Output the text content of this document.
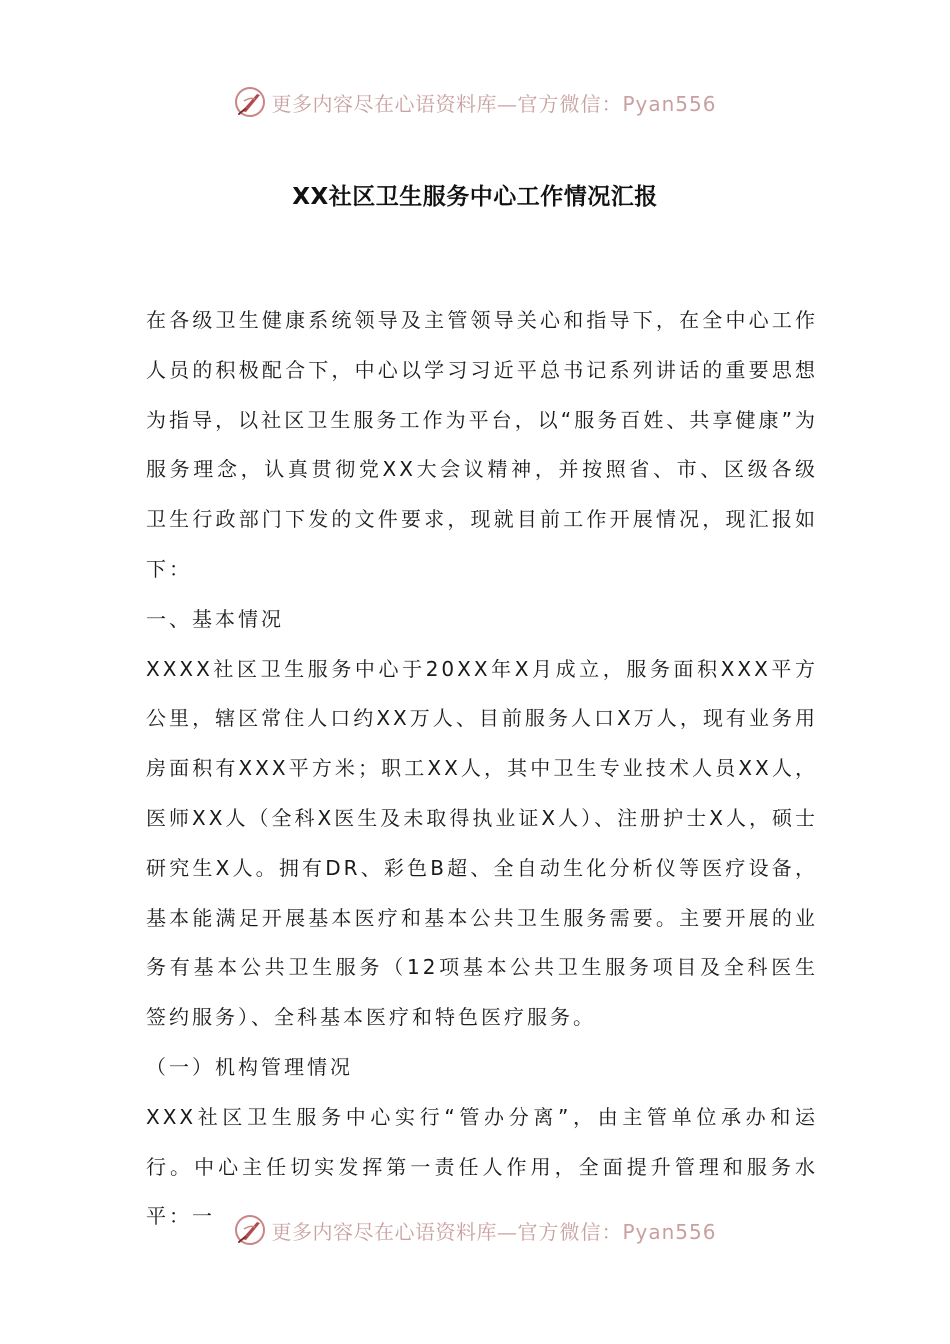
更多内容尽在心语资料库— 官方微信：Pyan556
XX社区卫生服务中心工作情况汇报

在各级卫生健康系统领导及主管领导关心和指导下，在全中心工作人员的积极配合下，中心以学习习近平总书记系列讲话的重要思想为指导，以社区卫生服务工作为平台，以“服务百姓、共享健康”为服务理念，认真贯彻党XX大会议精神，并按照省、市、区级各级卫生行政部门下发的文件要求，现就目前工作开展情况，现汇报如下：

一、基本情况

XXXX社区卫生服务中心于20XX年X月成立，服务面积XXX平方公里，辖区常住人口约XX万人、目前服务人口X万人，现有业务用房面积有XXX平方米；职工XX人，其中卫生专业技术人员XX人，医师XX人（全科X医生及未取得执业证X人）、注册护士X人，硕士研究生X人。拥有DR、彩色B超、全自动生化分析仪等医疗设备，基本能满足开展基本医疗和基本公共卫生服务需要。主要开展的业务有基本公共卫生服务（12项基本公共卫生服务项目及全科医生签约服务）、全科基本医疗和特色医疗服务。

（一）机构管理情况

XXX社区卫生服务中心实行“管办分离”，由主管单位承办和运行。中心主任切实发挥第一责任人作用，全面提升管理和服务水平：一

更多内容尽在心语资料库— 官方微信：Pyan556
